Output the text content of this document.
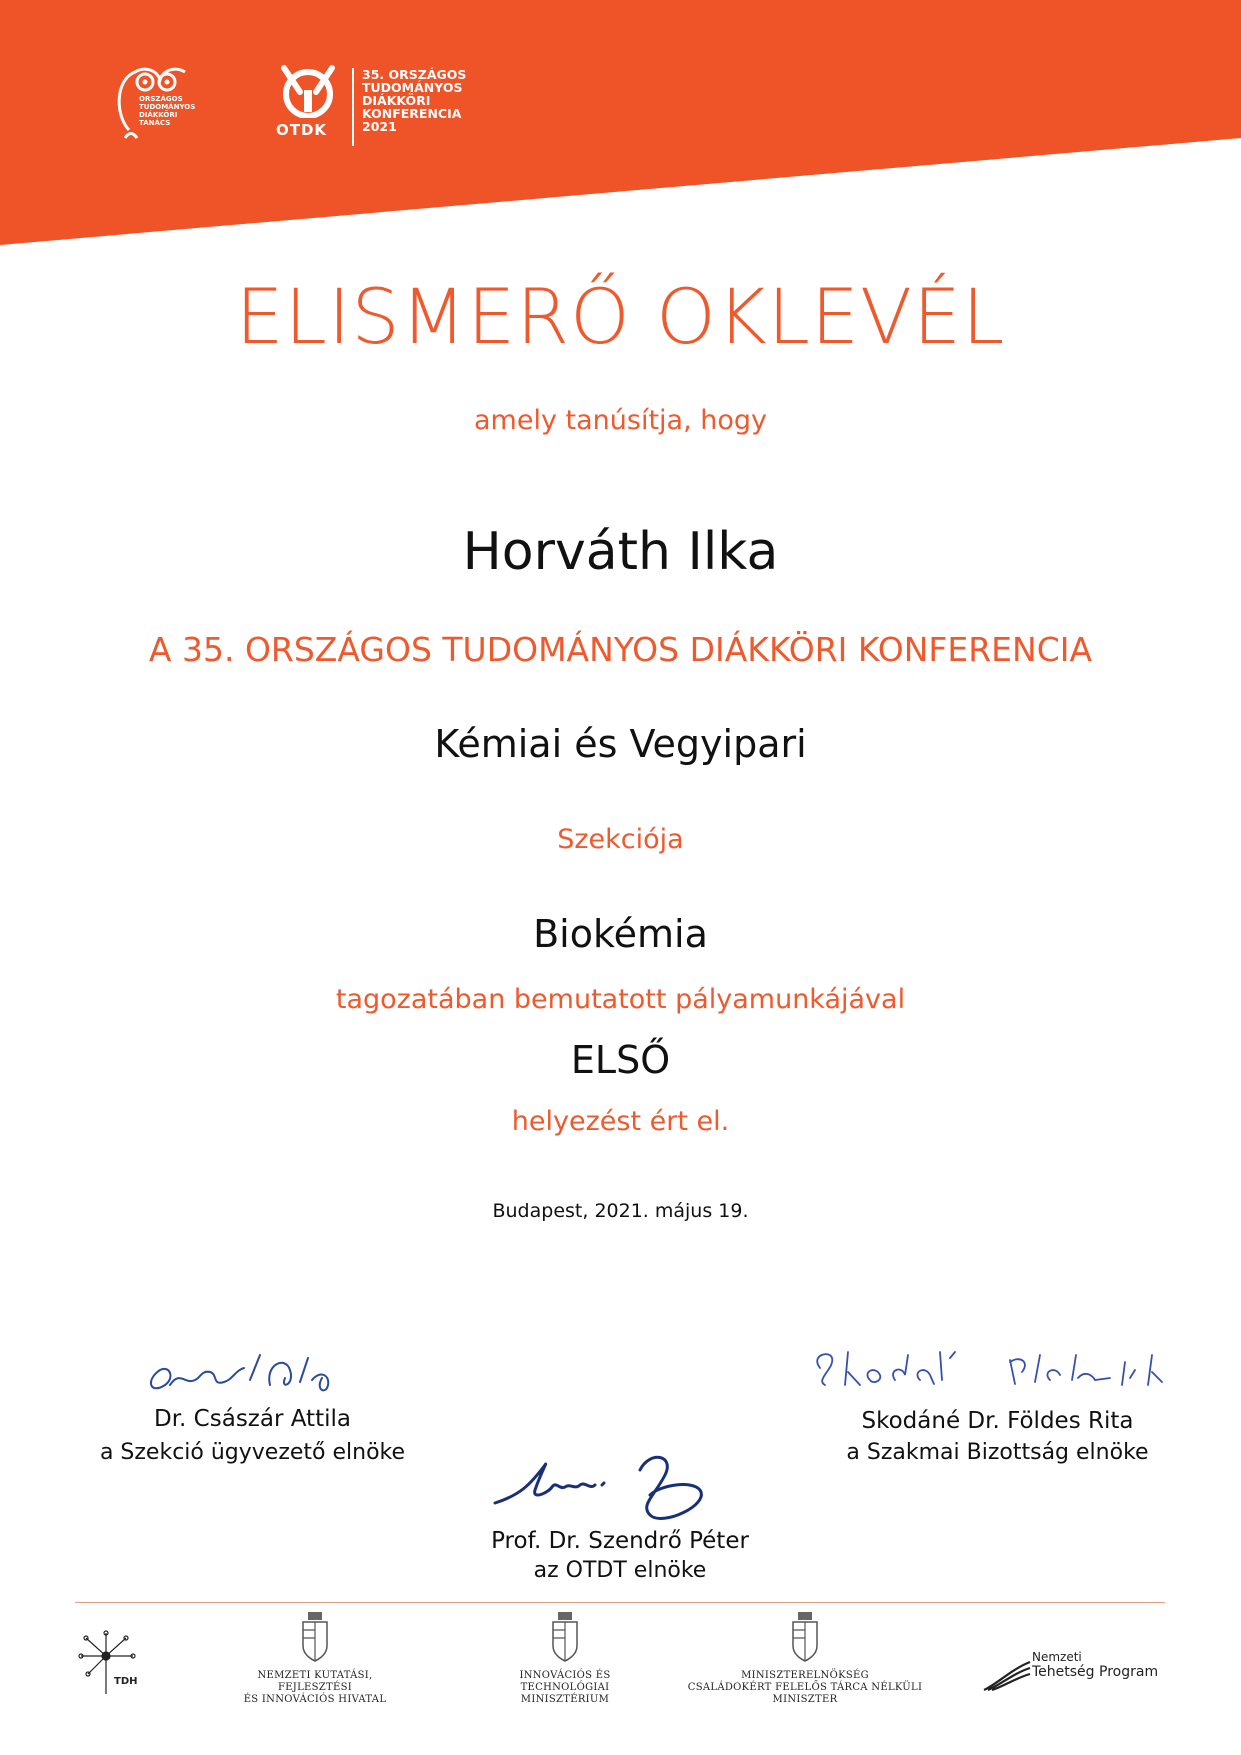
ORSZÁGOS
TUDOMÁNYOS
DIÁKKÖRI
TANÁCS	OTDK
35. ORSZÁGOS
TUDOMÁNYOS
DIÁKKÖRI
KONFERENCIA
2021
ELISMERŐ OKLEVÉL
amely tanúsítja, hogy
Horváth Ilka
A 35. ORSZÁGOS TUDOMÁNYOS DIÁKKÖRI KONFERENCIA
Kémiai és Vegyipari
Szekciója
Biokémia
tagozatában bemutatott pályamunkájával
ELSŐ
helyezést ért el.
Budapest, 2021. május 19.
Dr. Császár Attila
a Szekció ügyvezető elnöke
Skodáné Dr. Földes Rita
a Szakmai Bizottság elnöke
Prof. Dr. Szendrő Péter
az OTDT elnöke
TDH
NEMZETI KUTATÁSI, FEJLESZTÉSI
ÉS INNOVÁCIÓS HIVATAL
INNOVÁCIÓS ÉS TECHNOLÓGIAI
MINISZTÉRIUM
MINISZTERELNÖKSÉG
CSALÁDOKÉRT FELELŐS TÁRCA NÉLKÜLI MINISZTER
Nemzeti
Tehetség Program
